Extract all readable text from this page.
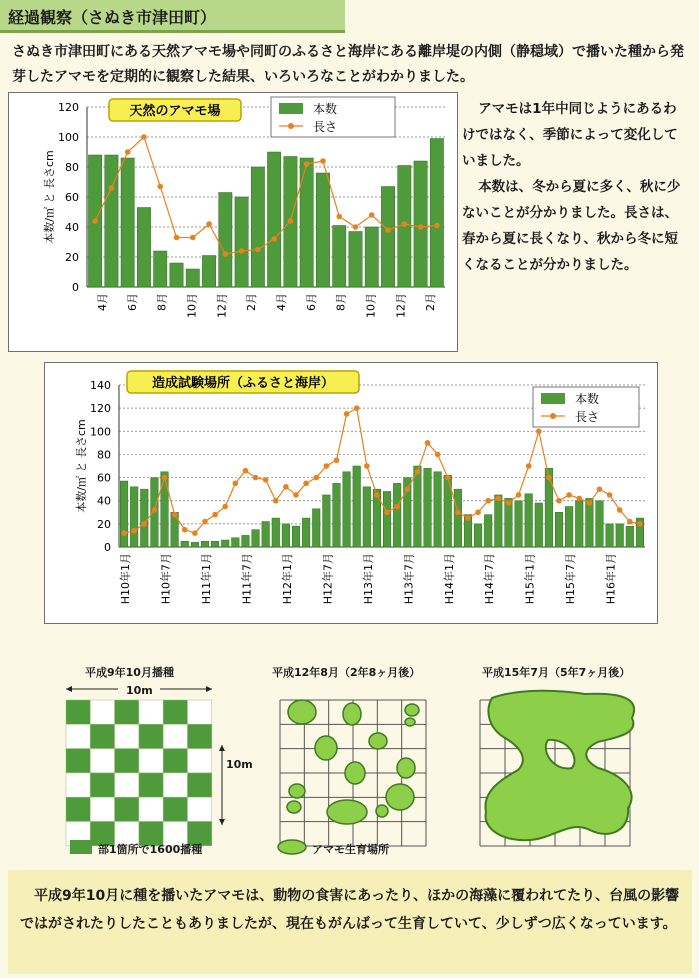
経過観察（さぬき市津田町）
さぬき市津田町にある天然アマモ場や同町のふるさと海岸にある離岸堤の内側（静穏域）で播いた種から発芽したアマモを定期的に観察した結果、いろいろなことがわかりました。
0
20
40
60
80
100
120
本数/㎡ と 長さcm
4月 6月 8月 10月 12月 2月 4月 6月 8月 10月 12月 2月
天然のアマモ場	本数
長さ

アマモは1年中同じようにあるわけではなく、季節によって変化していました。

本数は、冬から夏に多く、秋に少ないことが分かりました。長さは、春から夏に長くなり、秋から冬に短くなることが分かりました。

0
20
40
60
80
100
120
140
本数/㎡ と 長さcm
H10年1月 H10年7月 H11年1月 H11年7月 H12年1月 H12年7月 H13年1月 H13年7月 H14年1月 H14年7月 H15年1月 H15年7月 H16年1月
造成試験場所（ふるさと海岸）
本数
長さ
平成9年10月播種	平成12年8月（2年8ヶ月後）	平成15年7月（5年7ヶ月後）
10m
10m
部1箇所で1600播種	アマモ生育場所
平成9年10月に種を播いたアマモは、動物の食害にあったり、ほかの海藻に覆われてたり、台風の影響ではがされたりしたこともありましたが、現在もがんばって生育していて、少しずつ広くなっています。
